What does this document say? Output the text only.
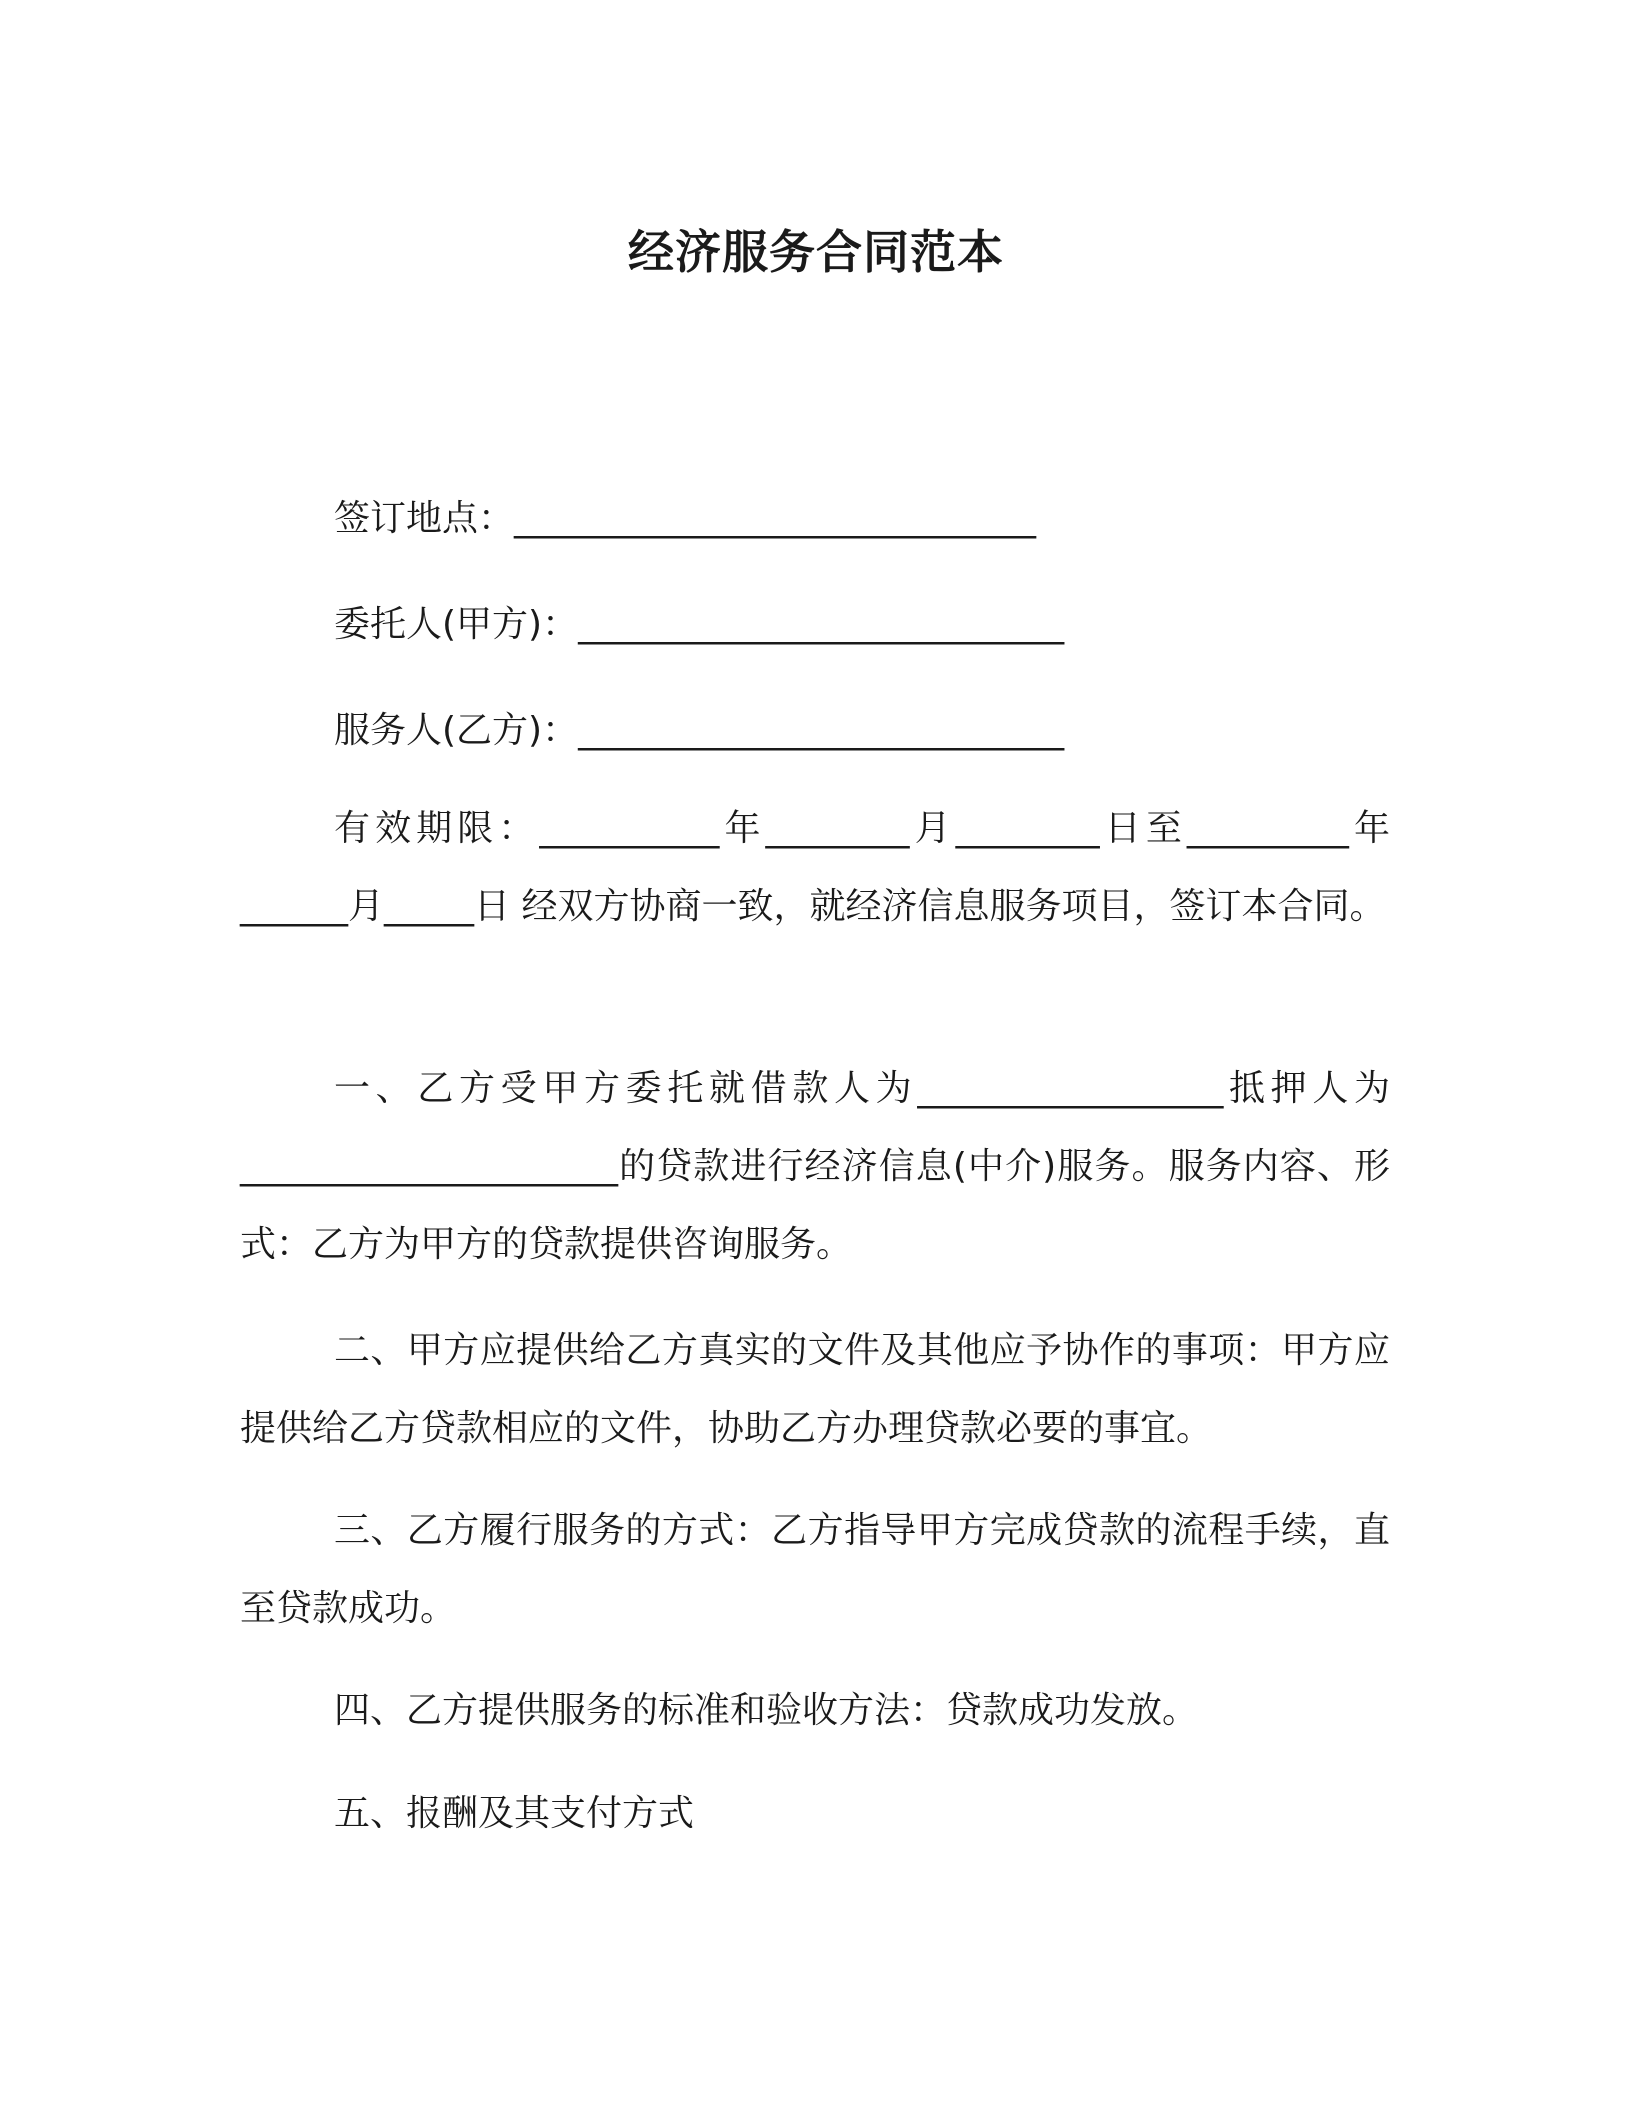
经济服务合同范本
签订地点：_____________________________
委托人(甲方)：___________________________
服务人(乙方)：___________________________
有效期限：__________年________月________日至_________年______月_____日 经双方协商一致，就经济信息服务项目，签订本合同。
一、乙方受甲方委托就借款人为_________________抵押人为_____________________的贷款进行经济信息(中介)服务。服务内容、形式：乙方为甲方的贷款提供咨询服务。
二、甲方应提供给乙方真实的文件及其他应予协作的事项：甲方应提供给乙方贷款相应的文件，协助乙方办理贷款必要的事宜。
三、乙方履行服务的方式：乙方指导甲方完成贷款的流程手续，直至贷款成功。
四、乙方提供服务的标准和验收方法：贷款成功发放。
五、报酬及其支付方式
